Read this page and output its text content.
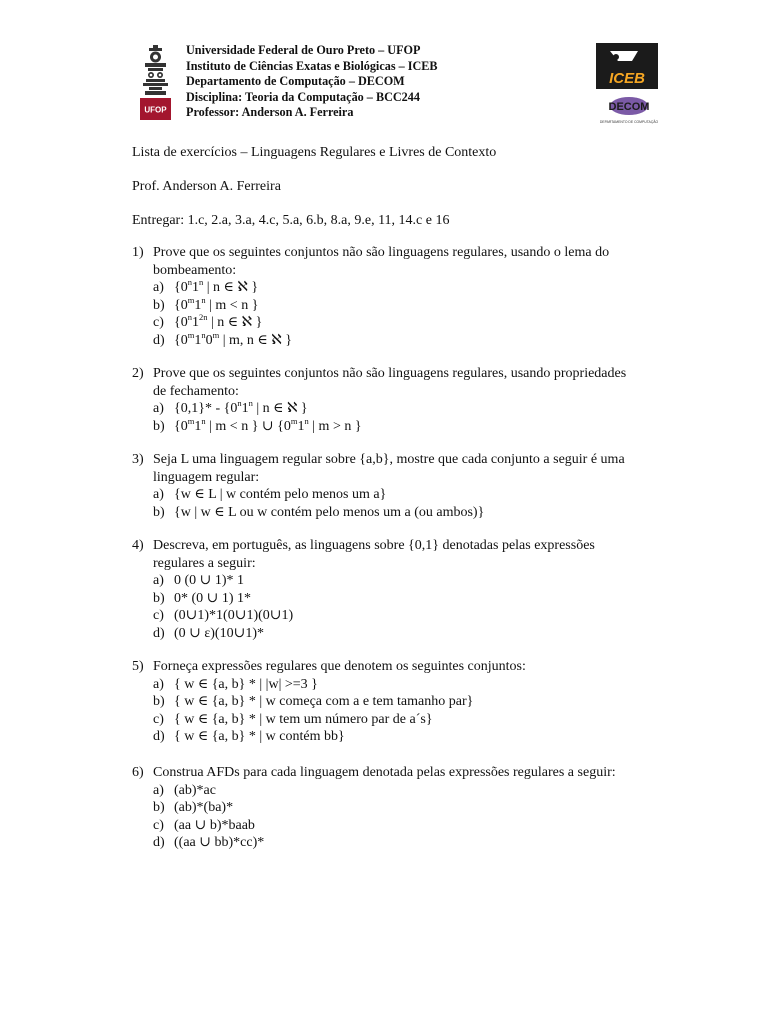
UFOP
Universidade Federal de Ouro Preto – UFOP
Instituto de Ciências Exatas e Biológicas – ICEB
Departamento de Computação – DECOM
Disciplina: Teoria da Computação – BCC244
Professor: Anderson A. Ferreira
ICEB
DECOM
DEPARTAMENTO DE COMPUTAÇÃO
Lista de exercícios – Linguagens Regulares e Livres de Contexto
Prof. Anderson A. Ferreira
Entregar: 1.c, 2.a, 3.a, 4.c, 5.a, 6.b, 8.a, 9.e, 11, 14.c e 16
1) Prove que os seguintes conjuntos não são linguagens regulares, usando o lema do bombeamento:
a) {0$^n$1$^n$ | n ∈ ℵ }
b) {0$^m$1$^n$ | m < n }
c) {$0^n1^{2n}$ | n ∈ ℵ }
d) {0$^m$1$^n$0$^m$ | m, n ∈ ℵ }
2) Prove que os seguintes conjuntos não são linguagens regulares, usando propriedades de fechamento:
a) {0,1}* - {0$^n$1$^n$ | n ∈ ℵ }
b) {0$^m$1$^n$ | m < n } ∪ {0$^m$1$^n$ | m > n }
3) Seja L uma linguagem regular sobre {a,b}, mostre que cada conjunto a seguir é uma linguagem regular:
a) {w ∈ L | w contém pelo menos um a}
b) {w | w ∈ L ou w contém pelo menos um a (ou ambos)}
4) Descreva, em português, as linguagens sobre {0,1} denotadas pelas expressões regulares a seguir:
a) 0 (0 ∪ 1)* 1
b) 0* (0 ∪ 1) 1*
c) (0∪1)*1(0∪1)(0∪1)
d) (0 ∪ ε)(10∪1)*
5) Forneça expressões regulares que denotem os seguintes conjuntos:
a) { w ∈ {a, b} * | |w| >=3 }
b) { w ∈ {a, b} * | w começa com a e tem tamanho par}
c) { w ∈ {a, b} * | w tem um número par de a´s}
d) { w ∈ {a, b} * | w contém bb}
6) Construa AFDs para cada linguagem denotada pelas expressões regulares a seguir:
a) (ab)*ac
b) (ab)*(ba)*
c) (aa ∪ b)*baab
d) ((aa ∪ bb)*cc)*
